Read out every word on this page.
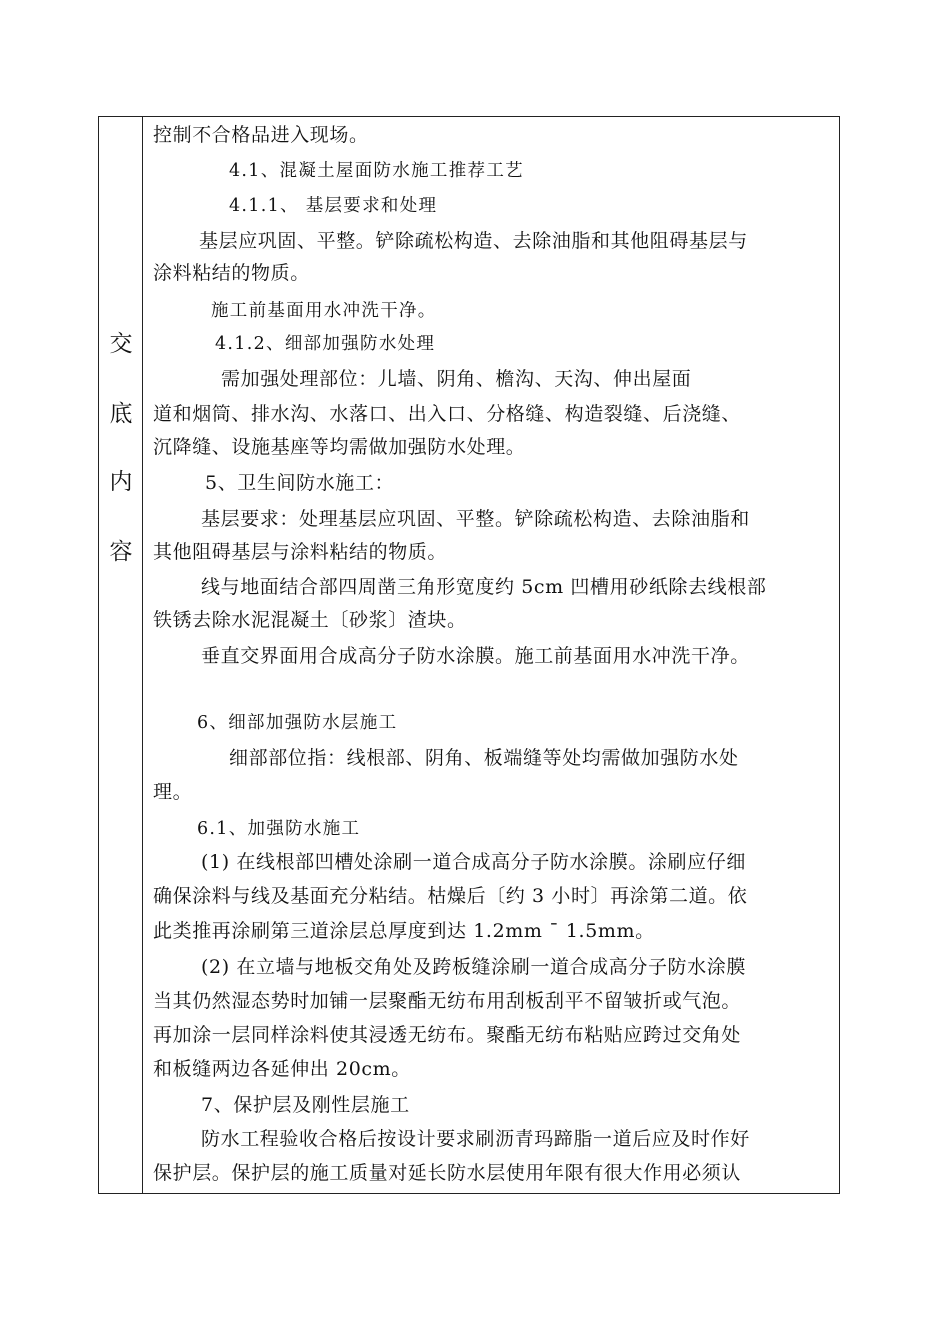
交
底
内
容
控制不合格品进入现场。
4.1、混凝土屋面防水施工推荐工艺
4.1.1、 基层要求和处理
基层应巩固、平整。铲除疏松构造、去除油脂和其他阻碍基层与
涂料粘结的物质。
施工前基面用水冲洗干净。
4.1.2、细部加强防水处理
需加强处理部位：儿墙、阴角、檐沟、天沟、伸出屋面
道和烟筒、排水沟、水落口、出入口、分格缝、构造裂缝、后浇缝、
沉降缝、设施基座等均需做加强防水处理。
5、卫生间防水施工：
基层要求：处理基层应巩固、平整。铲除疏松构造、去除油脂和
其他阻碍基层与涂料粘结的物质。
线与地面结合部四周凿三角形宽度约 5cm 凹槽用砂纸除去线根部
铁锈去除水泥混凝土〔砂浆〕渣块。
垂直交界面用合成高分子防水涂膜。施工前基面用水冲洗干净。
6、细部加强防水层施工
细部部位指：线根部、阴角、板端缝等处均需做加强防水处
理。
6.1、加强防水施工
(1) 在线根部凹槽处涂刷一道合成高分子防水涂膜。涂刷应仔细
确保涂料与线及基面充分粘结。枯燥后〔约 3 小时〕再涂第二道。依
此类推再涂刷第三道涂层总厚度到达 1.2mm ¯ 1.5mm。
(2) 在立墙与地板交角处及跨板缝涂刷一道合成高分子防水涂膜
当其仍然湿态势时加铺一层聚酯无纺布用刮板刮平不留皱折或气泡。
再加涂一层同样涂料使其浸透无纺布。聚酯无纺布粘贴应跨过交角处
和板缝两边各延伸出 20cm。
7、保护层及刚性层施工
防水工程验收合格后按设计要求刷沥青玛蹄脂一道后应及时作好
保护层。保护层的施工质量对延长防水层使用年限有很大作用必须认
